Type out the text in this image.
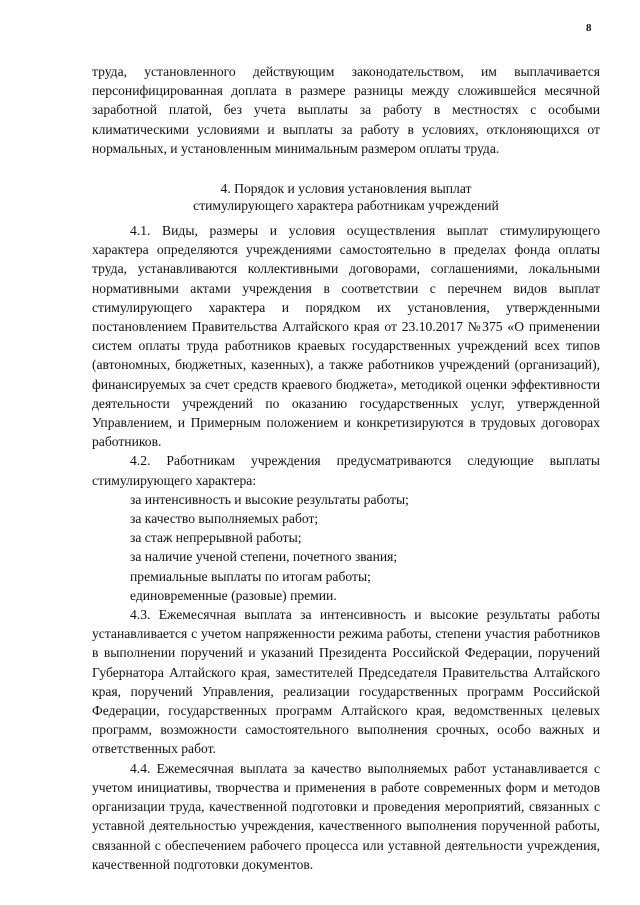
8

труда, установленного действующим законодательством, им выплачивается персонифицированная доплата в размере разницы между сложившейся месячной заработной платой, без учета выплаты за работу в местностях с особыми климатическими условиями и выплаты за работу в условиях, отклоняющихся от нормальных, и установленным минимальным размером оплаты труда.

4. Порядок и условия установления выплат
стимулирующего характера работникам учреждений

4.1. Виды, размеры и условия осуществления выплат стимулирующего характера определяются учреждениями самостоятельно в пределах фонда оплаты труда, устанавливаются коллективными договорами, соглашениями, локальными нормативными актами учреждения в соответствии с перечнем видов выплат стимулирующего характера и порядком их установления, утвержденными постановлением Правительства Алтайского края от 23.10.2017 №375 «О применении систем оплаты труда работников краевых государственных учреждений всех типов (автономных, бюджетных, казенных), а также работников учреждений (организаций), финансируемых за счет средств краевого бюджета», методикой оценки эффективности деятельности учреждений по оказанию государственных услуг, утвержденной Управлением, и Примерным положением и конкретизируются в трудовых договорах работников.

4.2. Работникам учреждения предусматриваются следующие выплаты стимулирующего характера:

за интенсивность и высокие результаты работы;

за качество выполняемых работ;

за стаж непрерывной работы;

за наличие ученой степени, почетного звания;

премиальные выплаты по итогам работы;

единовременные (разовые) премии.

4.3. Ежемесячная выплата за интенсивность и высокие результаты работы устанавливается с учетом напряженности режима работы, степени участия работников в выполнении поручений и указаний Президента Российской Федерации, поручений Губернатора Алтайского края, заместителей Председателя Правительства Алтайского края, поручений Управления, реализации государственных программ Российской Федерации, государственных программ Алтайского края, ведомственных целевых программ, возможности самостоятельного выполнения срочных, особо важных и ответственных работ.

4.4. Ежемесячная выплата за качество выполняемых работ устанавливается с учетом инициативы, творчества и применения в работе современных форм и методов организации труда, качественной подготовки и проведения мероприятий, связанных с уставной деятельностью учреждения, качественного выполнения порученной работы, связанной с обеспечением рабочего процесса или уставной деятельности учреждения, качественной подготовки документов.
